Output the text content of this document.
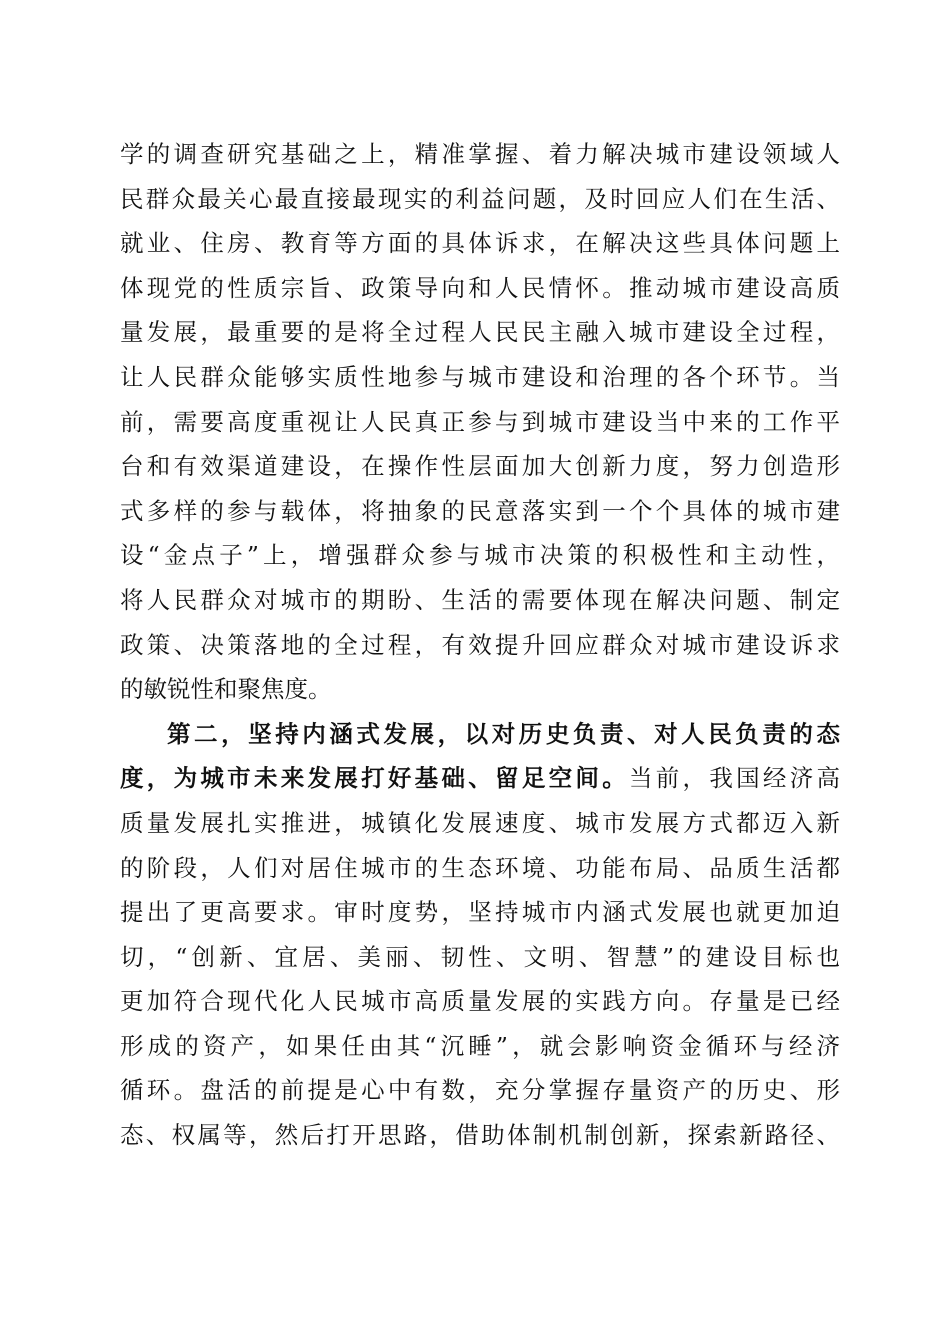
学的调查研究基础之上，精准掌握、着力解决城市建设领域人
民群众最关心最直接最现实的利益问题，及时回应人们在生活、
就业、住房、教育等方面的具体诉求，在解决这些具体问题上
体现党的性质宗旨、政策导向和人民情怀。推动城市建设高质
量发展，最重要的是将全过程人民民主融入城市建设全过程，
让人民群众能够实质性地参与城市建设和治理的各个环节。当
前，需要高度重视让人民真正参与到城市建设当中来的工作平
台和有效渠道建设，在操作性层面加大创新力度，努力创造形
式多样的参与载体，将抽象的民意落实到一个个具体的城市建
设“金点子”上，增强群众参与城市决策的积极性和主动性，
将人民群众对城市的期盼、生活的需要体现在解决问题、制定
政策、决策落地的全过程，有效提升回应群众对城市建设诉求
的敏锐性和聚焦度。
第二，坚持内涵式发展，以对历史负责、对人民负责的态
度，为城市未来发展打好基础、留足空间。当前，我国经济高
质量发展扎实推进，城镇化发展速度、城市发展方式都迈入新
的阶段，人们对居住城市的生态环境、功能布局、品质生活都
提出了更高要求。审时度势，坚持城市内涵式发展也就更加迫
切，“创新、宜居、美丽、韧性、文明、智慧”的建设目标也
更加符合现代化人民城市高质量发展的实践方向。存量是已经
形成的资产，如果任由其“沉睡”，就会影响资金循环与经济
循环。盘活的前提是心中有数，充分掌握存量资产的历史、形
态、权属等，然后打开思路，借助体制机制创新，探索新路径、
